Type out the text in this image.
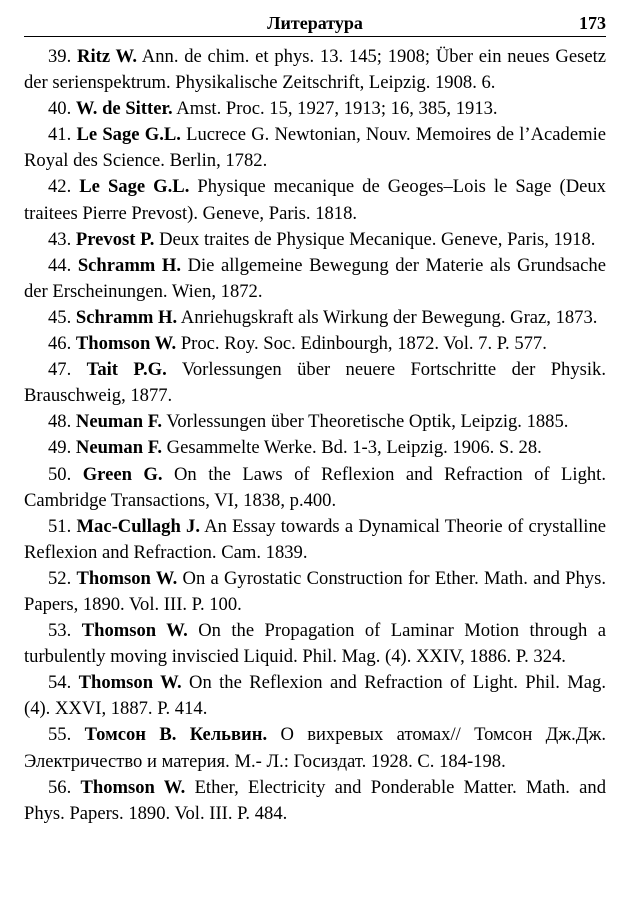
Литература	173
39. Ritz W. Ann. de chim. et phys. 13. 145; 1908; Über ein neues Gesetz der serienspektrum. Physikalische Zeitschrift, Leipzig. 1908. 6.
40. W. de Sitter. Amst. Proc. 15, 1927, 1913; 16, 385, 1913.
41. Le Sage G.L. Lucrece G. Newtonian, Nouv. Memoires de l’Academie Royal des Science. Berlin, 1782.
42. Le Sage G.L. Physique mecanique de Geoges–Lois le Sage (Deux traitees Pierre Prevost). Geneve, Paris. 1818.
43. Prevost P. Deux traites de Physique Mecanique. Geneve, Paris, 1918.
44. Schramm H. Die allgemeine Bewegung der Materie als Grundsache der Erscheinungen. Wien, 1872.
45. Schramm H. Anriehugskraft als Wirkung der Bewegung. Graz, 1873.
46. Thomson W. Proc. Roy. Soc. Edinbourgh, 1872. Vol. 7. P. 577.
47. Tait P.G. Vorlessungen über neuere Fortschritte der Physik. Brauschweig, 1877.
48. Neuman F. Vorlessungen über Theoretische Optik, Leipzig. 1885.
49. Neuman F. Gesammelte Werke. Bd. 1-3, Leipzig. 1906. S. 28.
50. Green G. On the Laws of Reflexion and Refraction of Light. Cambridge Transactions, VI, 1838, p.400.
51. Mac-Cullagh J. An Essay towards a Dynamical Theorie of crystalline Reflexion and Refraction. Cam. 1839.
52. Thomson W. On a Gyrostatic Construction for Ether. Math. and Phys. Papers, 1890. Vol. III. P. 100.
53. Thomson W. On the Propagation of Laminar Motion through a turbulently moving inviscied Liquid. Phil. Mag. (4). XXIV, 1886. P. 324.
54. Thomson W. On the Reflexion and Refraction of Light. Phil. Mag. (4). XXVI, 1887. P. 414.
55. Томсон В. Кельвин. О вихревых атомах// Томсон Дж.Дж. Электричество и материя. М.- Л.: Госиздат. 1928. С. 184-198.
56. Thomson W. Ether, Electricity and Ponderable Matter. Math. and Phys. Papers. 1890. Vol. III. P. 484.
